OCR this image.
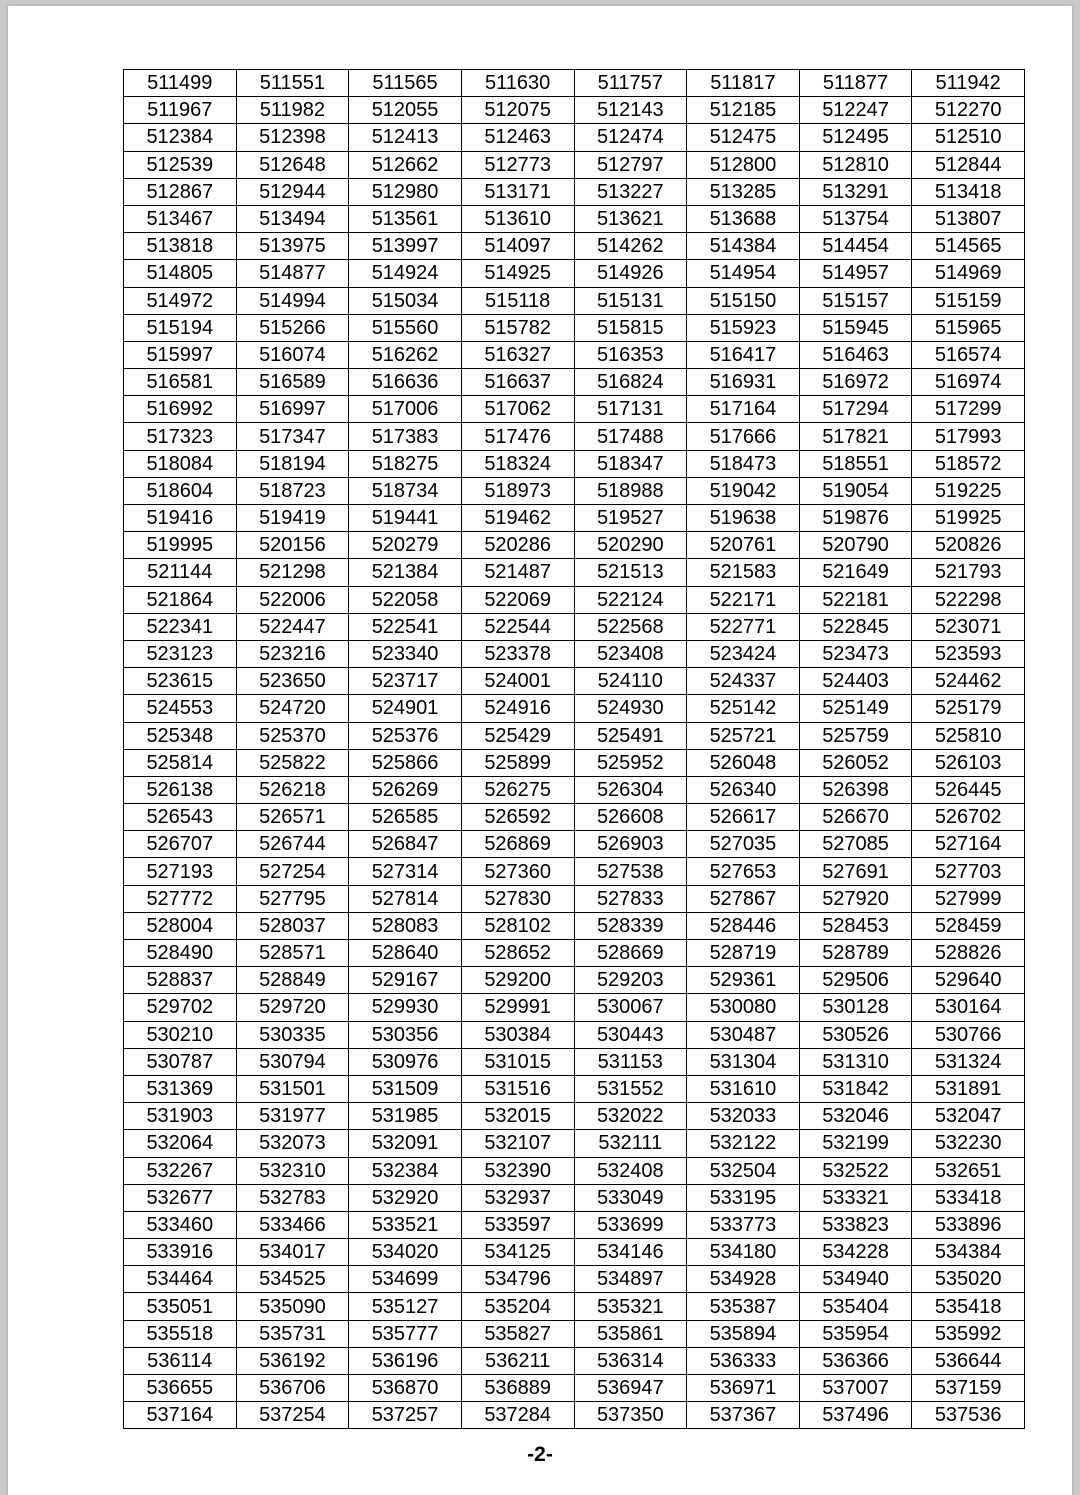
511499	511551	511565	511630	511757	511817	511877	511942
511967	511982	512055	512075	512143	512185	512247	512270
512384	512398	512413	512463	512474	512475	512495	512510
512539	512648	512662	512773	512797	512800	512810	512844
512867	512944	512980	513171	513227	513285	513291	513418
513467	513494	513561	513610	513621	513688	513754	513807
513818	513975	513997	514097	514262	514384	514454	514565
514805	514877	514924	514925	514926	514954	514957	514969
514972	514994	515034	515118	515131	515150	515157	515159
515194	515266	515560	515782	515815	515923	515945	515965
515997	516074	516262	516327	516353	516417	516463	516574
516581	516589	516636	516637	516824	516931	516972	516974
516992	516997	517006	517062	517131	517164	517294	517299
517323	517347	517383	517476	517488	517666	517821	517993
518084	518194	518275	518324	518347	518473	518551	518572
518604	518723	518734	518973	518988	519042	519054	519225
519416	519419	519441	519462	519527	519638	519876	519925
519995	520156	520279	520286	520290	520761	520790	520826
521144	521298	521384	521487	521513	521583	521649	521793
521864	522006	522058	522069	522124	522171	522181	522298
522341	522447	522541	522544	522568	522771	522845	523071
523123	523216	523340	523378	523408	523424	523473	523593
523615	523650	523717	524001	524110	524337	524403	524462
524553	524720	524901	524916	524930	525142	525149	525179
525348	525370	525376	525429	525491	525721	525759	525810
525814	525822	525866	525899	525952	526048	526052	526103
526138	526218	526269	526275	526304	526340	526398	526445
526543	526571	526585	526592	526608	526617	526670	526702
526707	526744	526847	526869	526903	527035	527085	527164
527193	527254	527314	527360	527538	527653	527691	527703
527772	527795	527814	527830	527833	527867	527920	527999
528004	528037	528083	528102	528339	528446	528453	528459
528490	528571	528640	528652	528669	528719	528789	528826
528837	528849	529167	529200	529203	529361	529506	529640
529702	529720	529930	529991	530067	530080	530128	530164
530210	530335	530356	530384	530443	530487	530526	530766
530787	530794	530976	531015	531153	531304	531310	531324
531369	531501	531509	531516	531552	531610	531842	531891
531903	531977	531985	532015	532022	532033	532046	532047
532064	532073	532091	532107	532111	532122	532199	532230
532267	532310	532384	532390	532408	532504	532522	532651
532677	532783	532920	532937	533049	533195	533321	533418
533460	533466	533521	533597	533699	533773	533823	533896
533916	534017	534020	534125	534146	534180	534228	534384
534464	534525	534699	534796	534897	534928	534940	535020
535051	535090	535127	535204	535321	535387	535404	535418
535518	535731	535777	535827	535861	535894	535954	535992
536114	536192	536196	536211	536314	536333	536366	536644
536655	536706	536870	536889	536947	536971	537007	537159
537164	537254	537257	537284	537350	537367	537496	537536
-2-
